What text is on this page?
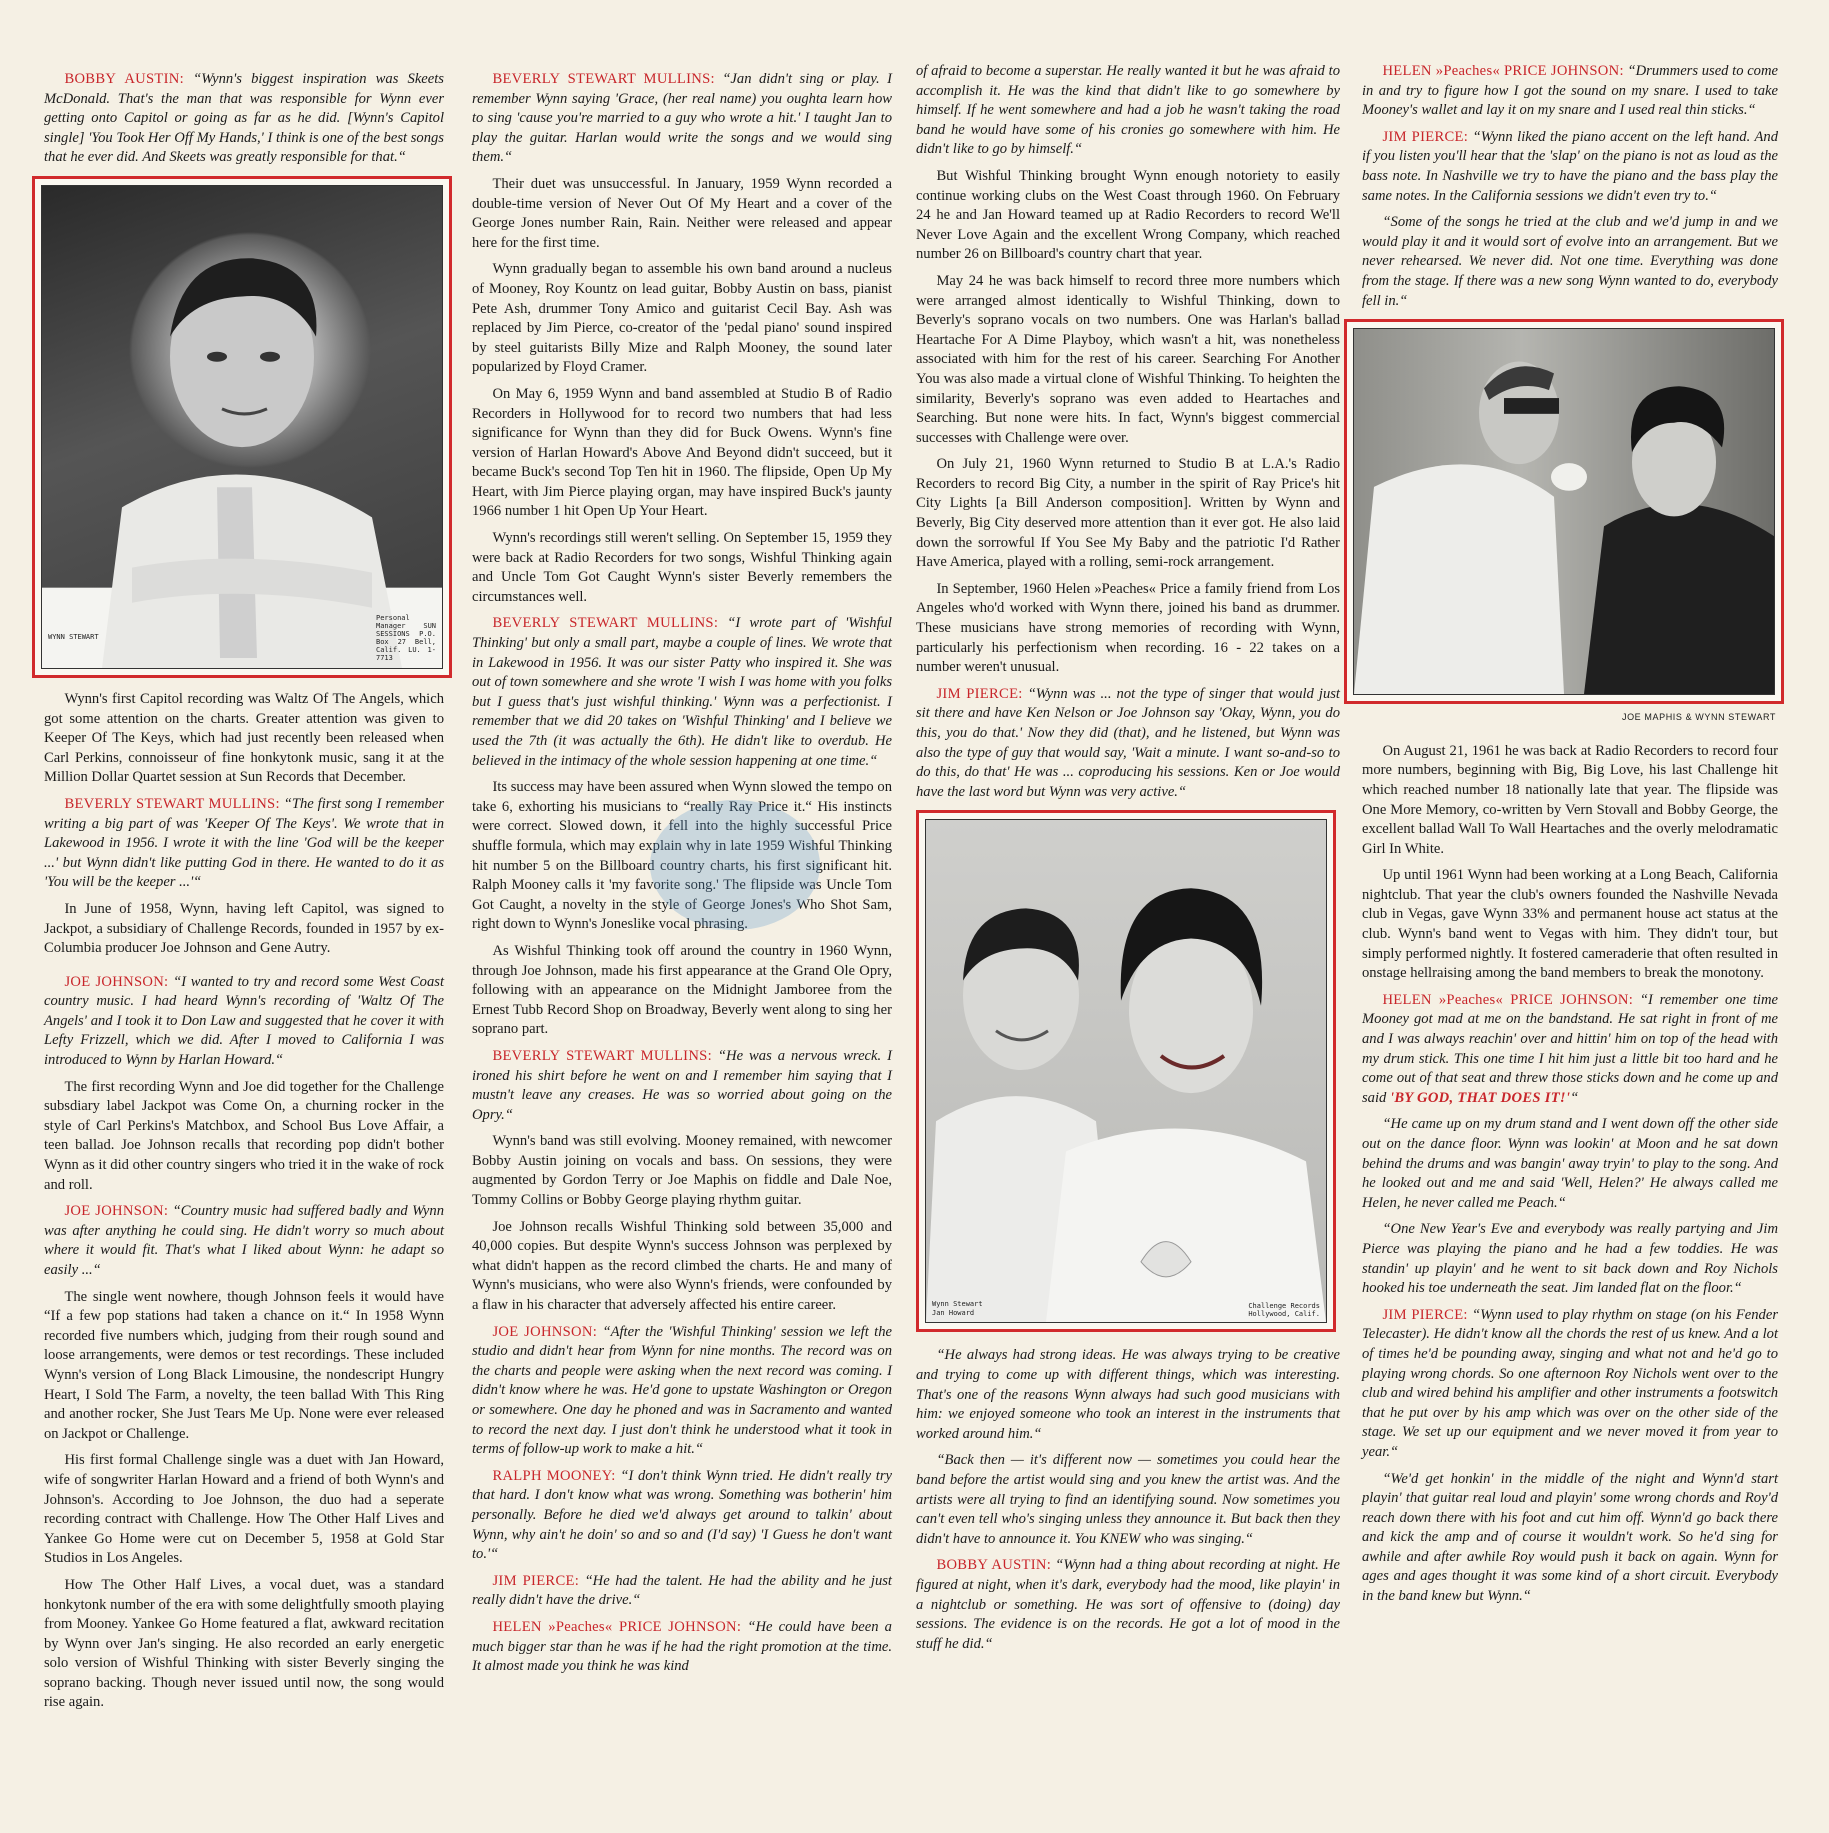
BOBBY AUSTIN: “Wynn's biggest inspiration was Skeets McDonald. That's the man that was responsible for Wynn ever getting onto Capitol or going as far as he did. [Wynn's Capitol single] 'You Took Her Off My Hands,' I think is one of the best songs that he ever did. And Skeets was greatly responsible for that.“

WYNN STEWART
Personal Manager SUN SESSIONS P.O. Box 27 Bell, Calif. LU. 1-7713

Wynn's first Capitol recording was Waltz Of The Angels, which got some attention on the charts. Greater attention was given to Keeper Of The Keys, which had just recently been released when Carl Perkins, connoisseur of fine honkytonk music, sang it at the Million Dollar Quartet session at Sun Records that December.

BEVERLY STEWART MULLINS: “The first song I remember writing a big part of was 'Keeper Of The Keys'. We wrote that in Lakewood in 1956. I wrote it with the line 'God will be the keeper ...' but Wynn didn't like putting God in there. He wanted to do it as 'You will be the keeper ...'“

In June of 1958, Wynn, having left Capitol, was signed to Jackpot, a subsidiary of Challenge Records, founded in 1957 by ex-Columbia producer Joe Johnson and Gene Autry.

JOE JOHNSON: “I wanted to try and record some West Coast country music. I had heard Wynn's recording of 'Waltz Of The Angels' and I took it to Don Law and suggested that he cover it with Lefty Frizzell, which we did. After I moved to California I was introduced to Wynn by Harlan Howard.“

The first recording Wynn and Joe did together for the Challenge subsdiary label Jackpot was Come On, a churning rocker in the style of Carl Perkins's Matchbox, and School Bus Love Affair, a teen ballad. Joe Johnson recalls that recording pop didn't bother Wynn as it did other country singers who tried it in the wake of rock and roll.

JOE JOHNSON: “Country music had suffered badly and Wynn was after anything he could sing. He didn't worry so much about where it would fit. That's what I liked about Wynn: he adapt so easily ...“

The single went nowhere, though Johnson feels it would have “If a few pop stations had taken a chance on it.“ In 1958 Wynn recorded five numbers which, judging from their rough sound and loose arrangements, were demos or test recordings. These included Wynn's version of Long Black Limousine, the nondescript Hungry Heart, I Sold The Farm, a novelty, the teen ballad With This Ring and another rocker, She Just Tears Me Up. None were ever released on Jackpot or Challenge.

His first formal Challenge single was a duet with Jan Howard, wife of songwriter Harlan Howard and a friend of both Wynn's and Johnson's. According to Joe Johnson, the duo had a seperate recording contract with Challenge. How The Other Half Lives and Yankee Go Home were cut on December 5, 1958 at Gold Star Studios in Los Angeles.

How The Other Half Lives, a vocal duet, was a standard honkytonk number of the era with some delightfully smooth playing from Mooney. Yankee Go Home featured a flat, awkward recitation by Wynn over Jan's singing. He also recorded an early energetic solo version of Wishful Thinking with sister Beverly singing the soprano backing. Though never issued until now, the song would rise again.

BEVERLY STEWART MULLINS: “Jan didn't sing or play. I remember Wynn saying 'Grace, (her real name) you oughta learn how to sing 'cause you're married to a guy who wrote a hit.' I taught Jan to play the guitar. Harlan would write the songs and we would sing them.“

Their duet was unsuccessful. In January, 1959 Wynn recorded a double-time version of Never Out Of My Heart and a cover of the George Jones number Rain, Rain. Neither were released and appear here for the first time.

Wynn gradually began to assemble his own band around a nucleus of Mooney, Roy Kountz on lead guitar, Bobby Austin on bass, pianist Pete Ash, drummer Tony Amico and guitarist Cecil Bay. Ash was replaced by Jim Pierce, co-creator of the 'pedal piano' sound inspired by steel guitarists Billy Mize and Ralph Mooney, the sound later popularized by Floyd Cramer.

On May 6, 1959 Wynn and band assembled at Studio B of Radio Recorders in Hollywood for to record two numbers that had less significance for Wynn than they did for Buck Owens. Wynn's fine version of Harlan Howard's Above And Beyond didn't succeed, but it became Buck's second Top Ten hit in 1960. The flipside, Open Up My Heart, with Jim Pierce playing organ, may have inspired Buck's jaunty 1966 number 1 hit Open Up Your Heart.

Wynn's recordings still weren't selling. On September 15, 1959 they were back at Radio Recorders for two songs, Wishful Thinking again and Uncle Tom Got Caught Wynn's sister Beverly remembers the circumstances well.

BEVERLY STEWART MULLINS: “I wrote part of 'Wishful Thinking' but only a small part, maybe a couple of lines. We wrote that in Lakewood in 1956. It was our sister Patty who inspired it. She was out of town somewhere and she wrote 'I wish I was home with you folks but I guess that's just wishful thinking.' Wynn was a perfectionist. I remember that we did 20 takes on 'Wishful Thinking' and I believe we used the 7th (it was actually the 6th). He didn't like to overdub. He believed in the intimacy of the whole session happening at one time.“

Its success may have been assured when Wynn slowed the tempo on take 6, exhorting his musicians to “really Ray Price it.“ His instincts were correct. Slowed down, it fell into the highly successful Price shuffle formula, which may explain why in late 1959 Wishful Thinking hit number 5 on the Billboard country charts, his first significant hit. Ralph Mooney calls it 'my favorite song.' The flipside was Uncle Tom Got Caught, a novelty in the style of George Jones's Who Shot Sam, right down to Wynn's Joneslike vocal phrasing.

As Wishful Thinking took off around the country in 1960 Wynn, through Joe Johnson, made his first appearance at the Grand Ole Opry, following with an appearance on the Midnight Jamboree from the Ernest Tubb Record Shop on Broadway, Beverly went along to sing her soprano part.

BEVERLY STEWART MULLINS: “He was a nervous wreck. I ironed his shirt before he went on and I remember him saying that I mustn't leave any creases. He was so worried about going on the Opry.“

Wynn's band was still evolving. Mooney remained, with newcomer Bobby Austin joining on vocals and bass. On sessions, they were augmented by Gordon Terry or Joe Maphis on fiddle and Dale Noe, Tommy Collins or Bobby George playing rhythm guitar.

Joe Johnson recalls Wishful Thinking sold between 35,000 and 40,000 copies. But despite Wynn's success Johnson was perplexed by what didn't happen as the record climbed the charts. He and many of Wynn's musicians, who were also Wynn's friends, were confounded by a flaw in his character that adversely affected his entire career.

JOE JOHNSON: “After the 'Wishful Thinking' session we left the studio and didn't hear from Wynn for nine months. The record was on the charts and people were asking when the next record was coming. I didn't know where he was. He'd gone to upstate Washington or Oregon or somewhere. One day he phoned and was in Sacramento and wanted to record the next day. I just don't think he understood what it took in terms of follow-up work to make a hit.“

RALPH MOONEY: “I don't think Wynn tried. He didn't really try that hard. I don't know what was wrong. Something was botherin' him personally. Before he died we'd always get around to talkin' about Wynn, why ain't he doin' so and so and (I'd say) 'I Guess he don't want to.'“

JIM PIERCE: “He had the talent. He had the ability and he just really didn't have the drive.“

HELEN »Peaches« PRICE JOHNSON: “He could have been a much bigger star than he was if he had the right promotion at the time. It almost made you think he was kind

of afraid to become a superstar. He really wanted it but he was afraid to accomplish it. He was the kind that didn't like to go somewhere by himself. If he went somewhere and had a job he wasn't taking the road band he would have some of his cronies go somewhere with him. He didn't like to go by himself.“

But Wishful Thinking brought Wynn enough notoriety to easily continue working clubs on the West Coast through 1960. On February 24 he and Jan Howard teamed up at Radio Recorders to record We'll Never Love Again and the excellent Wrong Company, which reached number 26 on Billboard's country chart that year.

May 24 he was back himself to record three more numbers which were arranged almost identically to Wishful Thinking, down to Beverly's soprano vocals on two numbers. One was Harlan's ballad Heartache For A Dime Playboy, which wasn't a hit, was nonetheless associated with him for the rest of his career. Searching For Another You was also made a virtual clone of Wishful Thinking. To heighten the similarity, Beverly's soprano was even added to Heartaches and Searching. But none were hits. In fact, Wynn's biggest commercial successes with Challenge were over.

On July 21, 1960 Wynn returned to Studio B at L.A.'s Radio Recorders to record Big City, a number in the spirit of Ray Price's hit City Lights [a Bill Anderson composition]. Written by Wynn and Beverly, Big City deserved more attention than it ever got. He also laid down the sorrowful If You See My Baby and the patriotic I'd Rather Have America, played with a rolling, semi-rock arrangement.

In September, 1960 Helen »Peaches« Price a family friend from Los Angeles who'd worked with Wynn there, joined his band as drummer. These musicians have strong memories of recording with Wynn, particularly his perfectionism when recording. 16 - 22 takes on a number weren't unusual.

JIM PIERCE: “Wynn was ... not the type of singer that would just sit there and have Ken Nelson or Joe Johnson say 'Okay, Wynn, you do this, you do that.' Now they did (that), and he listened, but Wynn was also the type of guy that would say, 'Wait a minute. I want so-and-so to do this, do that' He was ... coproducing his sessions. Ken or Joe would have the last word but Wynn was very active.“

Wynn Stewart
Jan Howard
Challenge Records Hollywood, Calif.

“He always had strong ideas. He was always trying to be creative and trying to come up with different things, which was interesting. That's one of the reasons Wynn always had such good musicians with him: we enjoyed someone who took an interest in the instruments that worked around him.“

“Back then — it's different now — sometimes you could hear the band before the artist would sing and you knew the artist was. And the artists were all trying to find an identifying sound. Now sometimes you can't even tell who's singing unless they announce it. But back then they didn't have to announce it. You KNEW who was singing.“

BOBBY AUSTIN: “Wynn had a thing about recording at night. He figured at night, when it's dark, everybody had the mood, like playin' in a nightclub or something. He was sort of offensive to (doing) day sessions. The evidence is on the records. He got a lot of mood in the stuff he did.“

HELEN »Peaches« PRICE JOHNSON: “Drummers used to come in and try to figure how I got the sound on my snare. I used to take Mooney's wallet and lay it on my snare and I used real thin sticks.“

JIM PIERCE: “Wynn liked the piano accent on the left hand. And if you listen you'll hear that the 'slap' on the piano is not as loud as the bass note. In Nashville we try to have the piano and the bass play the same notes. In the California sessions we didn't even try to.“

“Some of the songs he tried at the club and we'd jump in and we would play it and it would sort of evolve into an arrangement. But we never rehearsed. We never did. Not one time. Everything was done from the stage. If there was a new song Wynn wanted to do, everybody fell in.“

JOE MAPHIS & WYNN STEWART

On August 21, 1961 he was back at Radio Recorders to record four more numbers, beginning with Big, Big Love, his last Challenge hit which reached number 18 nationally late that year. The flipside was One More Memory, co-written by Vern Stovall and Bobby George, the excellent ballad Wall To Wall Heartaches and the overly melodramatic Girl In White.

Up until 1961 Wynn had been working at a Long Beach, California nightclub. That year the club's owners founded the Nashville Nevada club in Vegas, gave Wynn 33% and permanent house act status at the club. Wynn's band went to Vegas with him. They didn't tour, but simply performed nightly. It fostered cameraderie that often resulted in onstage hellraising among the band members to break the monotony.

HELEN »Peaches« PRICE JOHNSON: “I remember one time Mooney got mad at me on the bandstand. He sat right in front of me and I was always reachin' over and hittin' him on top of the head with my drum stick. This one time I hit him just a little bit too hard and he come out of that seat and threw those sticks down and he come up and said 'BY GOD, THAT DOES IT!'“

“He came up on my drum stand and I went down off the other side out on the dance floor. Wynn was lookin' at Moon and he sat down behind the drums and was bangin' away tryin' to play to the song. And he looked out and me and said 'Well, Helen?' He always called me Helen, he never called me Peach.“

“One New Year's Eve and everybody was really partying and Jim Pierce was playing the piano and he had a few toddies. He was standin' up playin' and he went to sit back down and Roy Nichols hooked his toe underneath the seat. Jim landed flat on the floor.“

JIM PIERCE: “Wynn used to play rhythm on stage (on his Fender Telecaster). He didn't know all the chords the rest of us knew. And a lot of times he'd be pounding away, singing and what not and he'd go to playing wrong chords. So one afternoon Roy Nichols went over to the club and wired behind his amplifier and other instruments a footswitch that he put over by his amp which was over on the other side of the stage. We set up our equipment and we never moved it from year to year.“

“We'd get honkin' in the middle of the night and Wynn'd start playin' that guitar real loud and playin' some wrong chords and Roy'd reach down there with his foot and cut him off. Wynn'd go back there and kick the amp and of course it wouldn't work. So he'd sing for awhile and after awhile Roy would push it back on again. Wynn for ages and ages thought it was some kind of a short circuit. Everybody in the band knew but Wynn.“
